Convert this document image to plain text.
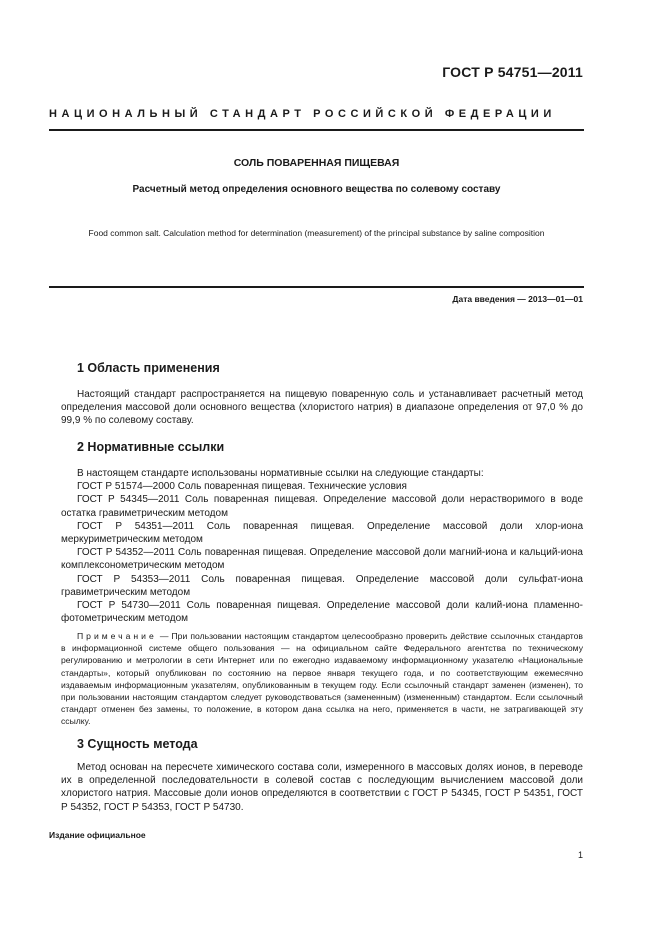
ГОСТ Р 54751—2011
НАЦИОНАЛЬНЫЙ СТАНДАРТ РОССИЙСКОЙ ФЕДЕРАЦИИ
СОЛЬ ПОВАРЕННАЯ ПИЩЕВАЯ
Расчетный метод определения основного вещества по солевому составу
Food common salt. Calculation method for determination (measurement) of the principal substance by saline composition
Дата введения — 2013—01—01
1 Область применения
Настоящий стандарт распространяется на пищевую поваренную соль и устанавливает расчетный метод определения массовой доли основного вещества (хлористого натрия) в диапазоне определения от 97,0 % до 99,9 % по солевому составу.
2 Нормативные ссылки
В настоящем стандарте использованы нормативные ссылки на следующие стандарты:
ГОСТ Р 51574—2000 Соль поваренная пищевая. Технические условия
ГОСТ Р 54345—2011 Соль поваренная пищевая. Определение массовой доли нерастворимого в воде остатка гравиметрическим методом
ГОСТ Р 54351—2011 Соль поваренная пищевая. Определение массовой доли хлор-иона меркуриметрическим методом
ГОСТ Р 54352—2011 Соль поваренная пищевая. Определение массовой доли магний-иона и кальций-иона комплексонометрическим методом
ГОСТ Р 54353—2011 Соль поваренная пищевая. Определение массовой доли сульфат-иона гравиметрическим методом
ГОСТ Р 54730—2011 Соль поваренная пищевая. Определение массовой доли калий-иона пламенно-фотометрическим методом
Примечание — При пользовании настоящим стандартом целесообразно проверить действие ссылочных стандартов в информационной системе общего пользования — на официальном сайте Федерального агентства по техническому регулированию и метрологии в сети Интернет или по ежегодно издаваемому информационному указателю «Национальные стандарты», который опубликован по состоянию на первое января текущего года, и по соответствующим ежемесячно издаваемым информационным указателям, опубликованным в текущем году. Если ссылочный стандарт заменен (изменен), то при пользовании настоящим стандартом следует руководствоваться (замененным) (измененным) стандартом. Если ссылочный стандарт отменен без замены, то положение, в котором дана ссылка на него, применяется в части, не затрагивающей эту ссылку.
3 Сущность метода
Метод основан на пересчете химического состава соли, измеренного в массовых долях ионов, в переводе их в определенной последовательности в солевой состав с последующим вычислением массовой доли хлористого натрия. Массовые доли ионов определяются в соответствии с ГОСТ Р 54345, ГОСТ Р 54351, ГОСТ Р 54352, ГОСТ Р 54353, ГОСТ Р 54730.
Издание официальное
1
